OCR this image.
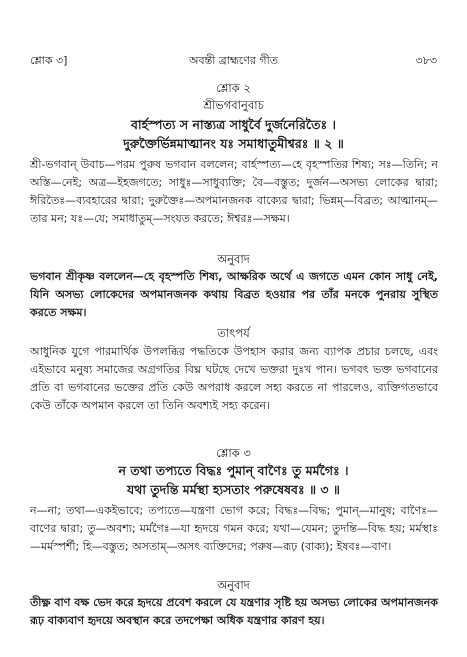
শ্লোক ৩]	অবন্তী ব্রাহ্মণের গীত	৩৮৩
শ্লোক ২
শ্রীভগবানুবাচ
বার্হস্পত্য স নাস্ত্যত্র সাধুর্বৈ দুর্জনেরিতৈঃ ।
দুরুক্তৈর্ভিন্নমাত্মানং যঃ সমাধাতুমীশ্বরঃ ॥ ২ ॥
শ্রী-ভগবান্ উবাচ—পরম পুরুষ ভগবান বললেন; বার্হস্পত্য—হে বৃহস্পতির শিষ্য; সঃ—তিনি; ন অস্তি—নেই; অত্র—ইহজগতে; সাধুঃ—সাধুব্যক্তি; বৈ—বস্তুত; দুর্জন—অসভ্য লোকের দ্বারা; ঈরিতৈঃ—ব্যবহারের দ্বারা; দুরুক্তৈঃ—অপমানজনক বাক্যের দ্বারা; ভিন্নম্—বিব্রত; আত্মানম্—তার মন; যঃ—যে; সমাধাতুম্—সংযত করতে; ঈশ্বরঃ—সক্ষম।
অনুবাদ
ভগবান শ্রীকৃষ্ণ বললেন—হে বৃহস্পতি শিষ্য, আক্ষরিক অর্থে এ জগতে এমন কোন সাধু নেই, যিনি অসভ্য লোকেদের অপমানজনক কথায় বিব্রত হওয়ার পর তাঁর মনকে পুনরায় সুস্থিত করতে সক্ষম।
তাৎপর্য
আধুনিক যুগে পারমার্থিক উপলব্ধির পদ্ধতিকে উপহাস করার জন্য ব্যাপক প্রচার চলছে, এবং এইভাবে মনুষ্য সমাজের অগ্রগতির বিঘ্ন ঘটছে দেখে ভক্তরা দুঃখ পান। ভগবৎ ভক্ত ভগবানের প্রতি বা ভগবানের ভক্তের প্রতি কেউ অপরাধ করলে সহ্য করতে না পারলেও, ব্যক্তিগতভাবে কেউ তাঁকে অপমান করলে তা তিনি অবশ্যই সহ্য করেন।
শ্লোক ৩
ন তথা তপ্যতে বিদ্ধঃ পুমান্ বাণৈঃ তু মর্মগৈঃ ।
যথা তুদন্তি মর্মস্থা হ্যসতাং পরুষেষবঃ ॥ ৩ ॥
ন—না; তথা—একইভাবে; তপ্যতে—যন্ত্রণা ভোগ করে; বিদ্ধঃ—বিদ্ধ; পুমান্—মানুষ; বাণৈঃ—বাণের দ্বারা; তু—অবশ্য; মর্মগৈঃ—যা হৃদয়ে গমন করে; যথা—যেমন; তুদন্তি—বিদ্ধ হয়; মর্মস্থাঃ—মর্মস্পর্শী; হি—বস্তুত; অসতাম্—অসৎ ব্যক্তিদের; পরুষ—রূঢ় (বাক্য); ইষবঃ—বাণ।
অনুবাদ
তীক্ষ্ণ বাণ বক্ষ ভেদ করে হৃদয়ে প্রবেশ করলে যে যন্ত্রণার সৃষ্টি হয় অসভ্য লোকের অপমানজনক রূঢ় বাক্যবাণ হৃদয়ে অবস্থান করে তদপেক্ষা অধিক যন্ত্রণার কারণ হয়।
